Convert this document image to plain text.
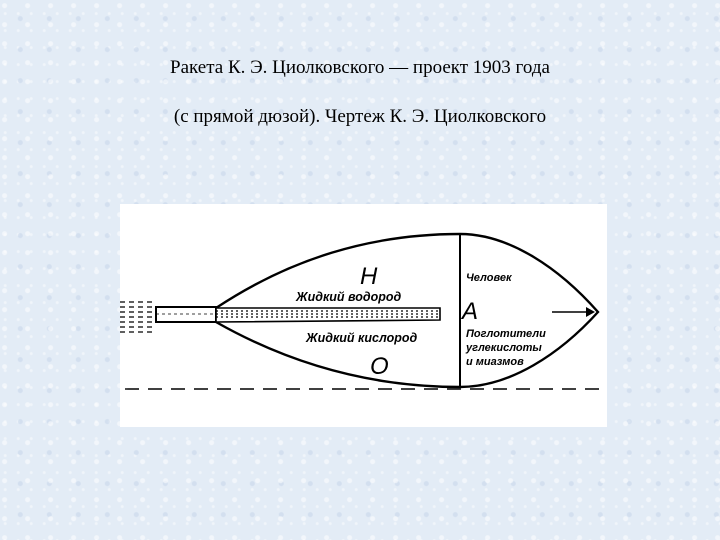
Ракета К. Э. Циолковского — проект 1903 года
(с прямой дюзой). Чертеж К. Э. Циолковского
H
Жидкий водород
A
Жидкий кислород
O
Человек
Поглотители
углекислоты
и миазмов
